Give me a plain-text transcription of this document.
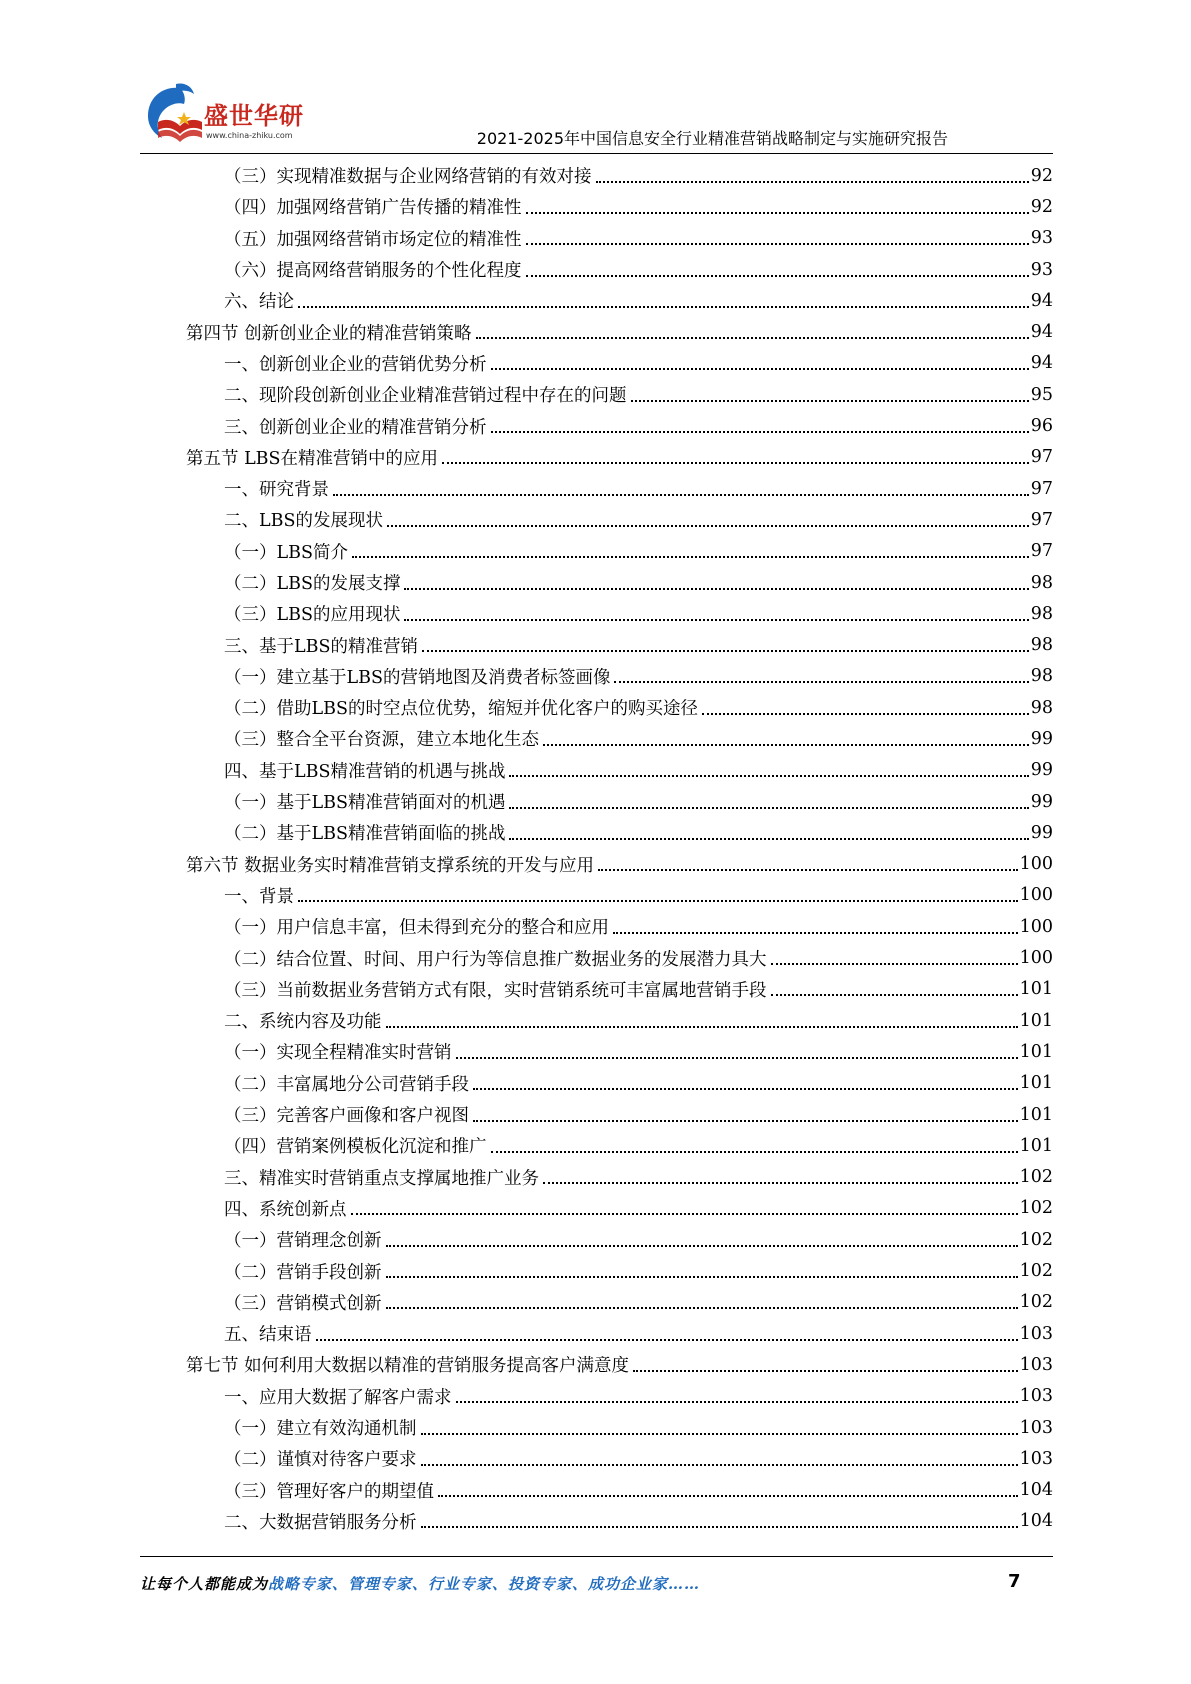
盛世华研
www.china-zhiku.com	2021-2025年中国信息安全行业精准营销战略制定与实施研究报告
（三）实现精准数据与企业网络营销的有效对接	92
（四）加强网络营销广告传播的精准性	92
（五）加强网络营销市场定位的精准性	93
（六）提高网络营销服务的个性化程度	93
六、结论	94
第四节 创新创业企业的精准营销策略	94
一、创新创业企业的营销优势分析	94
二、现阶段创新创业企业精准营销过程中存在的问题	95
三、创新创业企业的精准营销分析	96
第五节 LBS在精准营销中的应用	97
一、研究背景	97
二、LBS的发展现状	97
（一）LBS简介	97
（二）LBS的发展支撑	98
（三）LBS的应用现状	98
三、基于LBS的精准营销	98
（一）建立基于LBS的营销地图及消费者标签画像	98
（二）借助LBS的时空点位优势，缩短并优化客户的购买途径	98
（三）整合全平台资源，建立本地化生态	99
四、基于LBS精准营销的机遇与挑战	99
（一）基于LBS精准营销面对的机遇	99
（二）基于LBS精准营销面临的挑战	99
第六节 数据业务实时精准营销支撑系统的开发与应用	100
一、背景	100
（一）用户信息丰富，但未得到充分的整合和应用	100
（二）结合位置、时间、用户行为等信息推广数据业务的发展潜力具大	100
（三）当前数据业务营销方式有限，实时营销系统可丰富属地营销手段	101
二、系统内容及功能	101
（一）实现全程精准实时营销	101
（二）丰富属地分公司营销手段	101
（三）完善客户画像和客户视图	101
（四）营销案例模板化沉淀和推广	101
三、精准实时营销重点支撑属地推广业务	102
四、系统创新点	102
（一）营销理念创新	102
（二）营销手段创新	102
（三）营销模式创新	102
五、结束语	103
第七节 如何利用大数据以精准的营销服务提高客户满意度	103
一、应用大数据了解客户需求	103
（一）建立有效沟通机制	103
（二）谨慎对待客户要求	103
（三）管理好客户的期望值	104
二、大数据营销服务分析	104
让每个人都能成为战略专家、管理专家、行业专家、投资专家、成功企业家……	7
